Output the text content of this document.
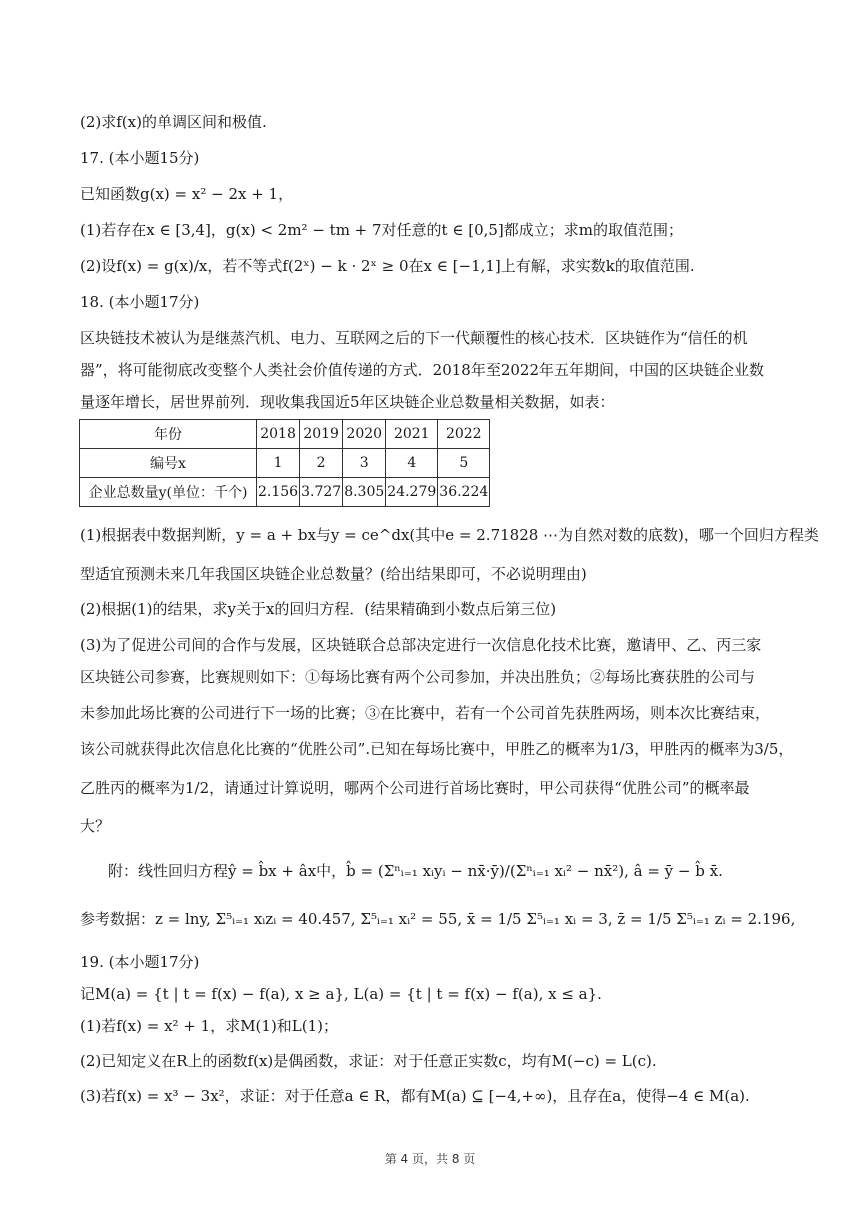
(2)求f(x)的单调区间和极值.
17. (本小题15分)
已知函数g(x) = x² − 2x + 1，
(1)若存在x ∈ [3,4]，g(x) < 2m² − tm + 7对任意的t ∈ [0,5]都成立；求m的取值范围；
(2)设f(x) = g(x)/x，若不等式f(2ˣ) − k · 2ˣ ≥ 0在x ∈ [−1,1]上有解，求实数k的取值范围.
18. (本小题17分)
区块链技术被认为是继蒸汽机、电力、互联网之后的下一代颠覆性的核心技术．区块链作为“信任的机
器”，将可能彻底改变整个人类社会价值传递的方式．2018年至2022年五年期间，中国的区块链企业数
量逐年增长，居世界前列．现收集我国近5年区块链企业总数量相关数据，如表：
年份	2018	2019	2020	2021	2022
编号x	1	2	3	4	5
企业总数量y(单位：千个)	2.156	3.727	8.305	24.279	36.224
(1)根据表中数据判断，y = a + bx与y = ce^dx(其中e = 2.71828 ⋯为自然对数的底数)，哪一个回归方程类
型适宜预测未来几年我国区块链企业总数量？(给出结果即可，不必说明理由)
(2)根据(1)的结果，求y关于x的回归方程．(结果精确到小数点后第三位)
(3)为了促进公司间的合作与发展，区块链联合总部决定进行一次信息化技术比赛，邀请甲、乙、丙三家
区块链公司参赛，比赛规则如下：①每场比赛有两个公司参加，并决出胜负；②每场比赛获胜的公司与
未参加此场比赛的公司进行下一场的比赛；③在比赛中，若有一个公司首先获胜两场，则本次比赛结束，
该公司就获得此次信息化比赛的“优胜公司”.已知在每场比赛中，甲胜乙的概率为1/3，甲胜丙的概率为3/5，
乙胜丙的概率为1/2，请通过计算说明，哪两个公司进行首场比赛时，甲公司获得“优胜公司”的概率最
大？
附：线性回归方程ŷ = b̂x + âx中，b̂ = (Σⁿᵢ₌₁ xᵢyᵢ − nx̄·ȳ)/(Σⁿᵢ₌₁ xᵢ² − nx̄²), â = ȳ − b̂ x̄.
参考数据：z = lny, Σ⁵ᵢ₌₁ xᵢzᵢ = 40.457, Σ⁵ᵢ₌₁ xᵢ² = 55, x̄ = 1/5 Σ⁵ᵢ₌₁ xᵢ = 3, z̄ = 1/5 Σ⁵ᵢ₌₁ zᵢ = 2.196,
19. (本小题17分)
记M(a) = {t | t = f(x) − f(a), x ≥ a}, L(a) = {t | t = f(x) − f(a), x ≤ a}.
(1)若f(x) = x² + 1，求M(1)和L(1)；
(2)已知定义在R上的函数f(x)是偶函数，求证：对于任意正实数c，均有M(−c) = L(c).
(3)若f(x) = x³ − 3x²，求证：对于任意a ∈ R，都有M(a) ⊆ [−4,+∞)，且存在a，使得−4 ∈ M(a).
第 4 页，共 8 页
